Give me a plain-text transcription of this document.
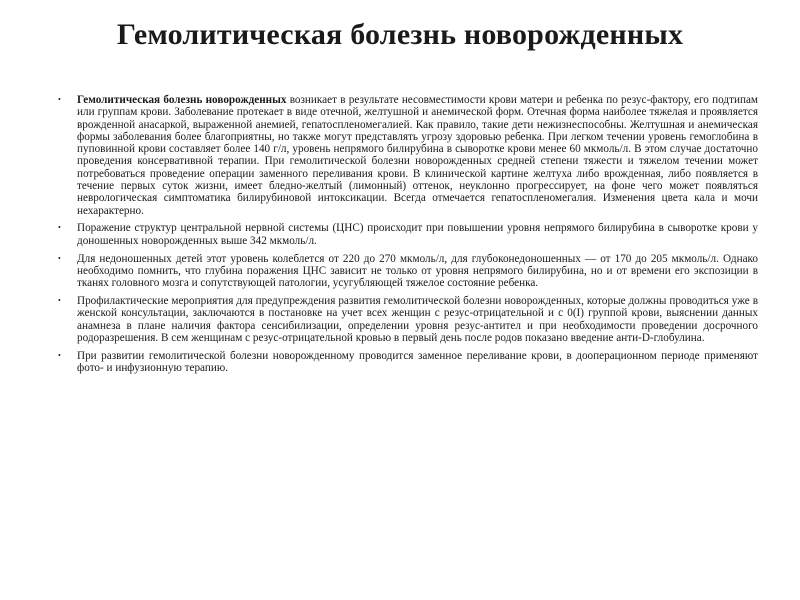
Гемолитическая болезнь новорожденных
• Гемолитическая болезнь новорожденных возникает в результате несовместимости крови матери и ребенка по резус-фактору, его подтипам или группам крови. Заболевание протекает в виде отечной, желтушной и анемической форм. Отечная форма наиболее тяжелая и проявляется врожденной анасаркой, выраженной анемией, гепатоспленомегалией. Как правило, такие дети нежизнеспособны. Желтушная и анемическая формы заболевания более благоприятны, но также могут представлять угрозу здоровью ребенка. При легком течении уровень гемоглобина в пуповинной крови составляет более 140 г/л, уровень непрямого билирубина в сыворотке крови менее 60 мкмоль/л. В этом случае достаточно проведения консервативной терапии. При гемолитической болезни новорожденных средней степени тяжести и тяжелом течении может потребоваться проведение операции заменного переливания крови. В клинической картине желтуха либо врожденная, либо появляется в течение первых суток жизни, имеет бледно-желтый (лимонный) оттенок, неуклонно прогрессирует, на фоне чего может появляться неврологическая симптоматика билирубиновой интоксикации. Всегда отмечается гепатоспленомегалия. Изменения цвета кала и мочи нехарактерно.
• Поражение структур центральной нервной системы (ЦНС) происходит при повышении уровня непрямого билирубина в сыворотке крови у доношенных новорожденных выше 342 мкмоль/л.
• Для недоношенных детей этот уровень колеблется от 220 до 270 мкмоль/л, для глубоконедоношенных — от 170 до 205 мкмоль/л. Однако необходимо помнить, что глубина поражения ЦНС зависит не только от уровня непрямого билирубина, но и от времени его экспозиции в тканях головного мозга и сопутствующей патологии, усугубляющей тяжелое состояние ребенка.
• Профилактические мероприятия для предупреждения развития гемолитической болезни новорожденных, которые должны проводиться уже в женской консультации, заключаются в постановке на учет всех женщин с резус-отрицательной и с 0(I) группой крови, выяснении данных анамнеза в плане наличия фактора сенсибилизации, определении уровня резус-антител и при необходимости проведении досрочного родоразрешения. В сем женщинам с резус-отрицательной кровью в первый день после родов показано введение анти-D-глобулина.
• При развитии гемолитической болезни новорожденному проводится заменное переливание крови, в дооперационном периоде применяют фото- и инфузионную терапию.
